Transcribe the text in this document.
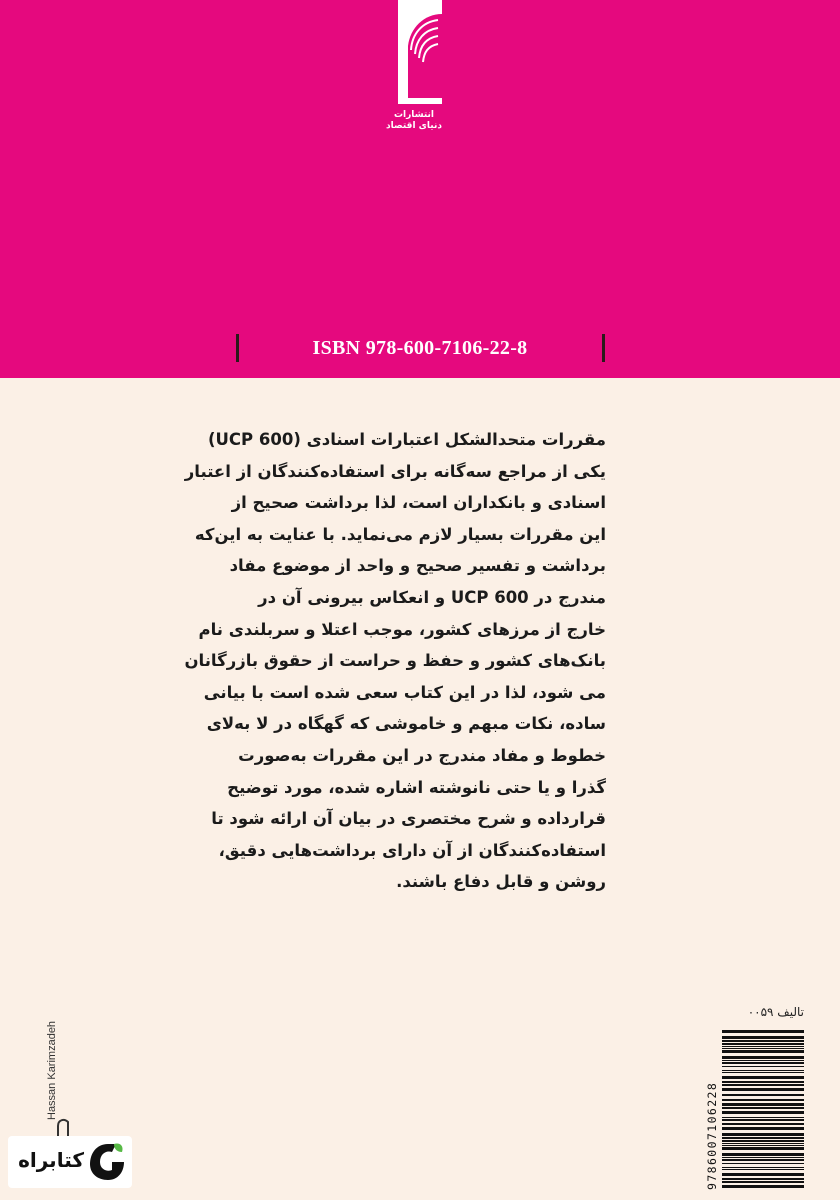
انتشارات
دنیای اقتصاد
ISBN 978-600-7106-22-8
مقررات متحدالشکل اعتبارات اسنادی (UCP 600)
یکی از مراجع سه‌گانه برای استفاده‌کنندگان از اعتبار
اسنادی و بانکداران است، لذا برداشت صحیح از
این مقررات بسیار لازم می‌نماید. با عنایت به این‌که
برداشت و تفسیر صحیح و واحد از موضوع مفاد
مندرج در UCP 600 و انعکاس بیرونی آن در
خارج از مرزهای کشور، موجب اعتلا و سربلندی نام
بانک‌های کشور و حفظ و حراست از حقوق بازرگانان
می شود، لذا در این کتاب سعی شده است با بیانی
ساده، نکات مبهم و خاموشی که گهگاه در لا به‌لای
خطوط و مفاد مندرج در این مقررات به‌صورت
گذرا و یا حتی نانوشته اشاره شده، مورد توضیح
قرارداده و شرح مختصری در بیان آن ارائه شود تا
استفاده‌کنندگان از آن دارای برداشت‌هایی دقیق،
روشن و قابل دفاع باشند.
تا‌لیف ۰۰۵۹
9786007106228
Hassan Karimzadeh
کتابراه
